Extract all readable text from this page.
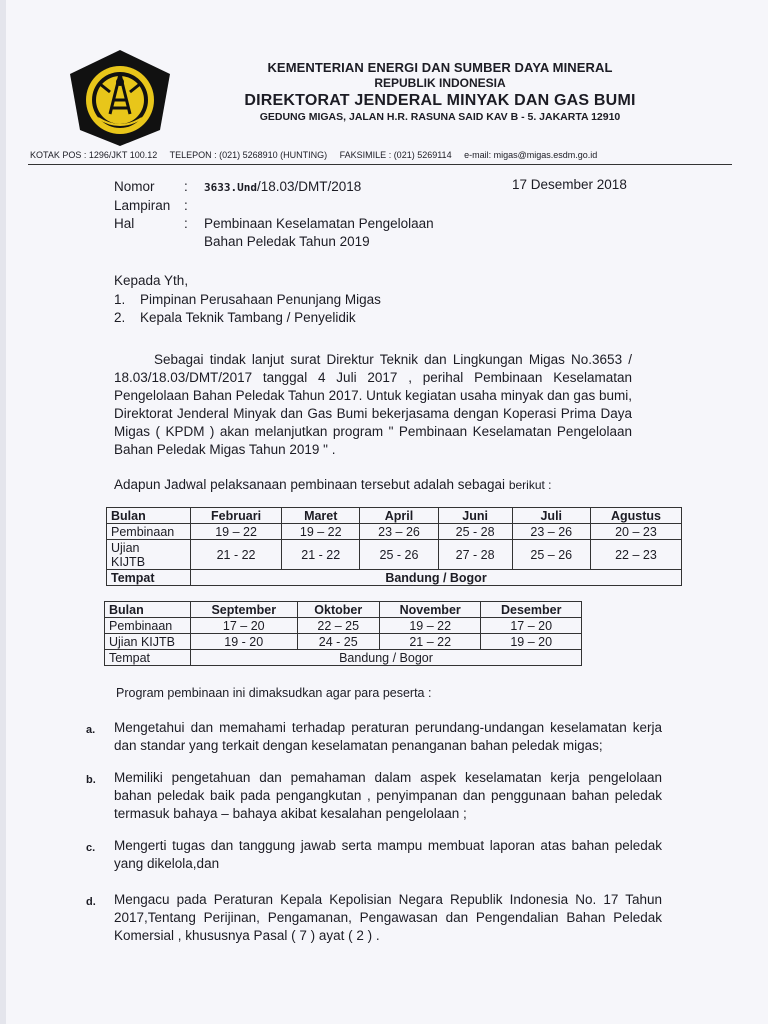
KEMENTERIAN ENERGI DAN SUMBER DAYA MINERAL
REPUBLIK INDONESIA
DIREKTORAT JENDERAL MINYAK DAN GAS BUMI
GEDUNG MIGAS, JALAN H.R. RASUNA SAID KAV B - 5. JAKARTA 12910
KOTAK POS : 1296/JKT 100.12 TELEPON : (021) 5268910 (HUNTING) FAKSIMILE : (021) 5269114 e-mail: migas@migas.esdm.go.id
Nomor	:	3633.Und/18.03/DMT/2018
Lampiran	:
Hal	:	Pembinaan Keselamatan Pengelolaan
Bahan Peledak Tahun 2019
17 Desember 2018
Kepada Yth,
1.	Pimpinan Perusahaan Penunjang Migas
2.	Kepala Teknik Tambang / Penyelidik
Sebagai tindak lanjut surat Direktur Teknik dan Lingkungan Migas No.3653 / 18.03/18.03/DMT/2017 tanggal 4 Juli 2017 , perihal Pembinaan Keselamatan Pengelolaan Bahan Peledak Tahun 2017. Untuk kegiatan usaha minyak dan gas bumi, Direktorat Jenderal Minyak dan Gas Bumi bekerjasama dengan Koperasi Prima Daya Migas ( KPDM ) akan melanjutkan program " Pembinaan Keselamatan Pengelolaan Bahan Peledak Migas Tahun 2019 " .
Adapun Jadwal pelaksanaan pembinaan tersebut adalah sebagai berikut :
Bulan	Februari	Maret	April	Juni	Juli	Agustus
Pembinaan	19 – 22	19 – 22	23 – 26	25 - 28	23 – 26	20 – 23
Ujian
KIJTB	21 - 22	21 - 22	25 - 26	27 - 28	25 – 26	22 – 23
Tempat	Bandung / Bogor					
Bulan	September	Oktober	November	Desember
Pembinaan	17 – 20	22 – 25	19 – 22	17 – 20
Ujian KIJTB	19 - 20	24 - 25	21 – 22	19 – 20
Tempat	Bandung / Bogor			
Program pembinaan ini dimaksudkan agar para peserta :
a.	Mengetahui dan memahami terhadap peraturan perundang-undangan keselamatan kerja dan standar yang terkait dengan keselamatan penanganan bahan peledak migas;
b.	Memiliki pengetahuan dan pemahaman dalam aspek keselamatan kerja pengelolaan bahan peledak baik pada pengangkutan , penyimpanan dan penggunaan bahan peledak termasuk bahaya – bahaya akibat kesalahan pengelolaan ;
c.	Mengerti tugas dan tanggung jawab serta mampu membuat laporan atas bahan peledak yang dikelola,dan
d.	Mengacu pada Peraturan Kepala Kepolisian Negara Republik Indonesia No. 17 Tahun 2017,Tentang Perijinan, Pengamanan, Pengawasan dan Pengendalian Bahan Peledak Komersial , khususnya Pasal ( 7 ) ayat ( 2 ) .
